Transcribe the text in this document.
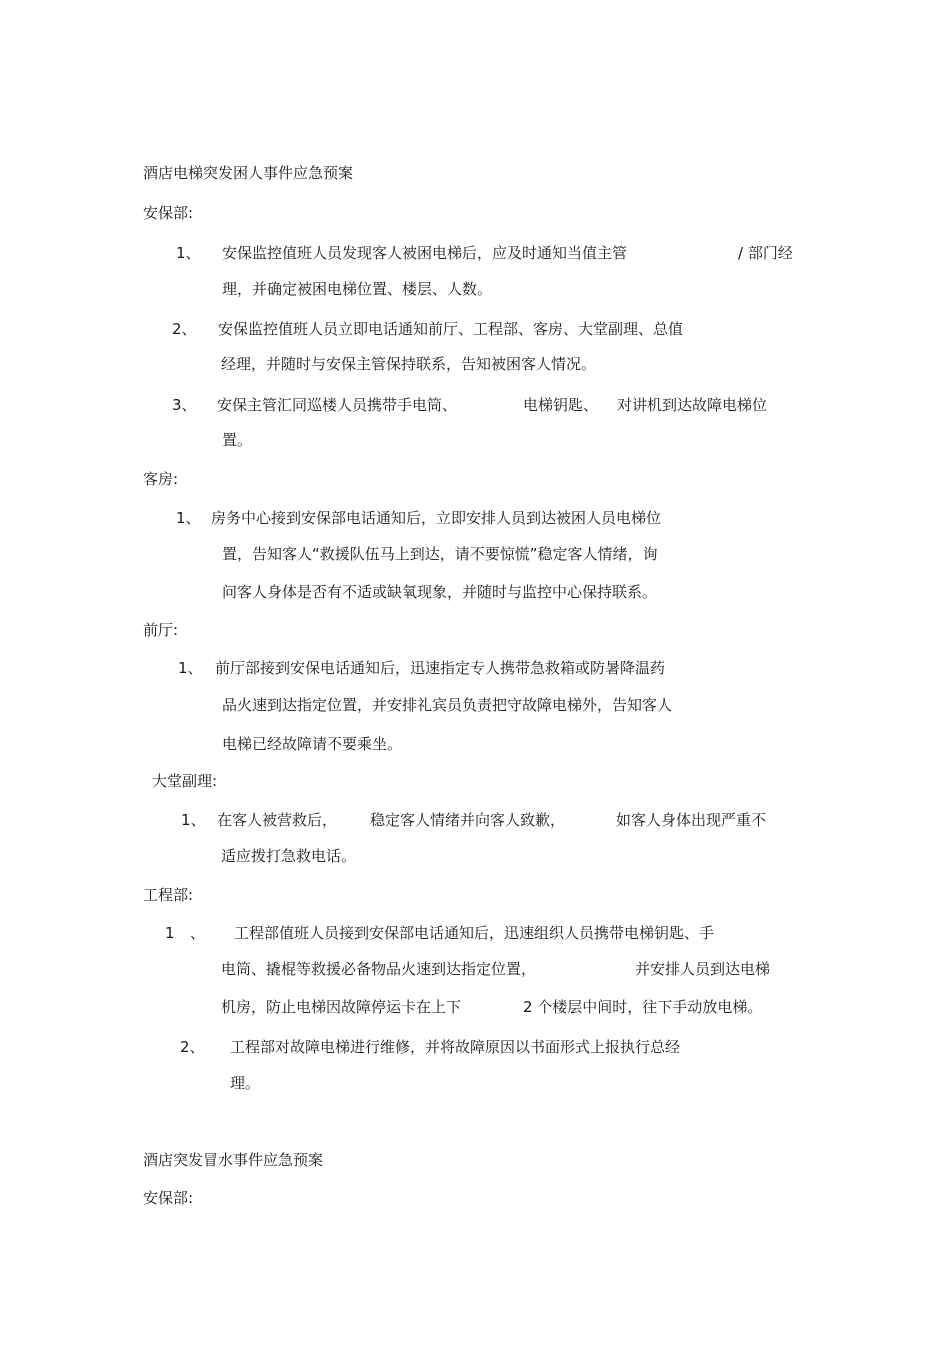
酒店电梯突发困人事件应急预案
安保部:
1、 安保监控值班人员发现客人被困电梯后，应及时通知当值主管	/ 部门经
理，并确定被困电梯位置、楼层、人数。
2、 安保监控值班人员立即电话通知前厅、工程部、客房、大堂副理、总值
经理，并随时与安保主管保持联系，告知被困客人情况。
3、 安保主管汇同巡楼人员携带手电筒、	电梯钥匙、 对讲机到达故障电梯位
置。
客房:
1、 房务中心接到安保部电话通知后，立即安排人员到达被困人员电梯位
置，告知客人“救援队伍马上到达，请不要惊慌”稳定客人情绪，询
问客人身体是否有不适或缺氧现象，并随时与监控中心保持联系。
前厅:
1、 前厅部接到安保电话通知后，迅速指定专人携带急救箱或防暑降温药
品火速到达指定位置，并安排礼宾员负责把守故障电梯外，告知客人
电梯已经故障请不要乘坐。
大堂副理:
1、 在客人被营救后， 稳定客人情绪并向客人致歉，	如客人身体出现严重不
适应拨打急救电话。
工程部:
1 、 工程部值班人员接到安保部电话通知后，迅速组织人员携带电梯钥匙、手
电筒、撬棍等救援必备物品火速到达指定位置，	并安排人员到达电梯
机房，防止电梯因故障停运卡在上下	2 个楼层中间时，往下手动放电梯。
2、 工程部对故障电梯进行维修，并将故障原因以书面形式上报执行总经
理。
酒店突发冒水事件应急预案
安保部:
